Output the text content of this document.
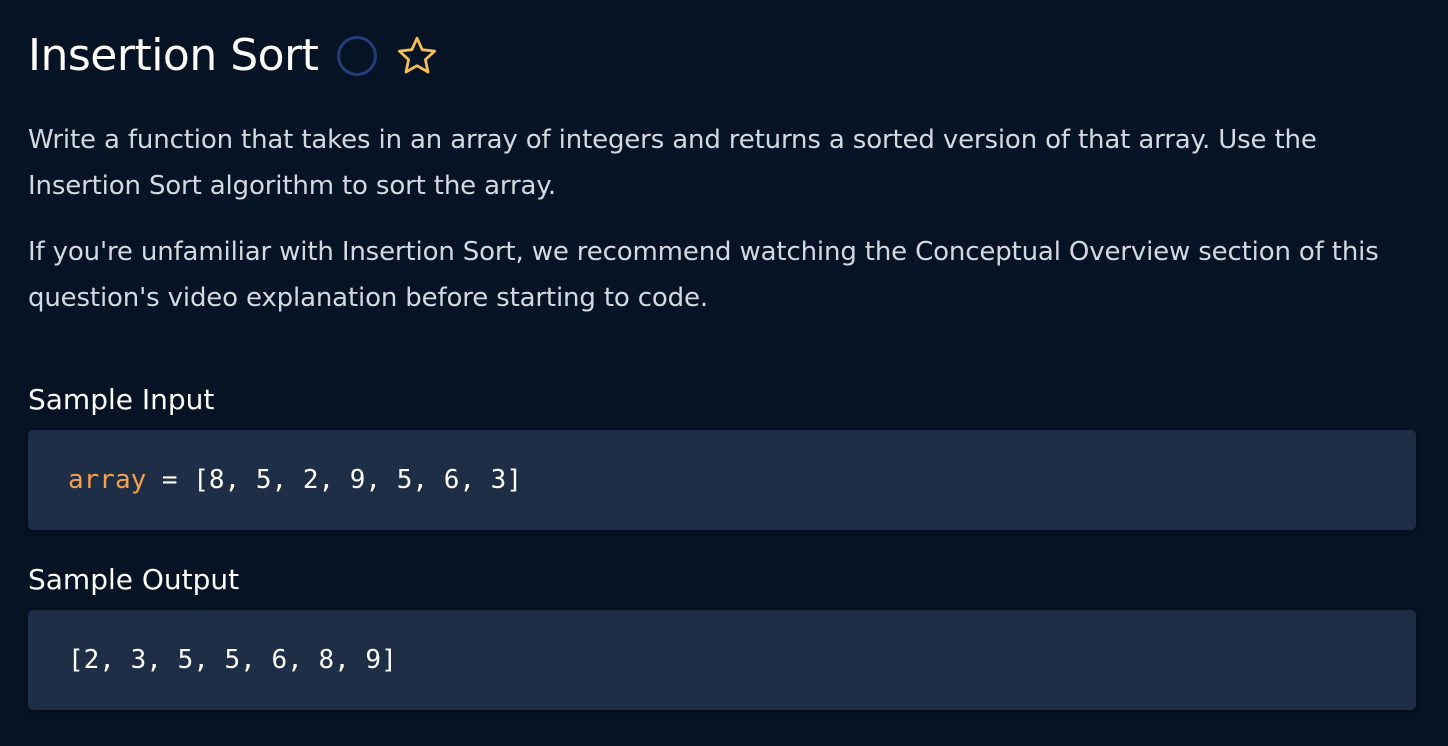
Insertion Sort

Write a function that takes in an array of integers and returns a sorted version of that array. Use the Insertion Sort algorithm to sort the array.

If you're unfamiliar with Insertion Sort, we recommend watching the Conceptual Overview section of this question's video explanation before starting to code.

Sample Input
array = [8, 5, 2, 9, 5, 6, 3]
Sample Output
[2, 3, 5, 5, 6, 8, 9]
